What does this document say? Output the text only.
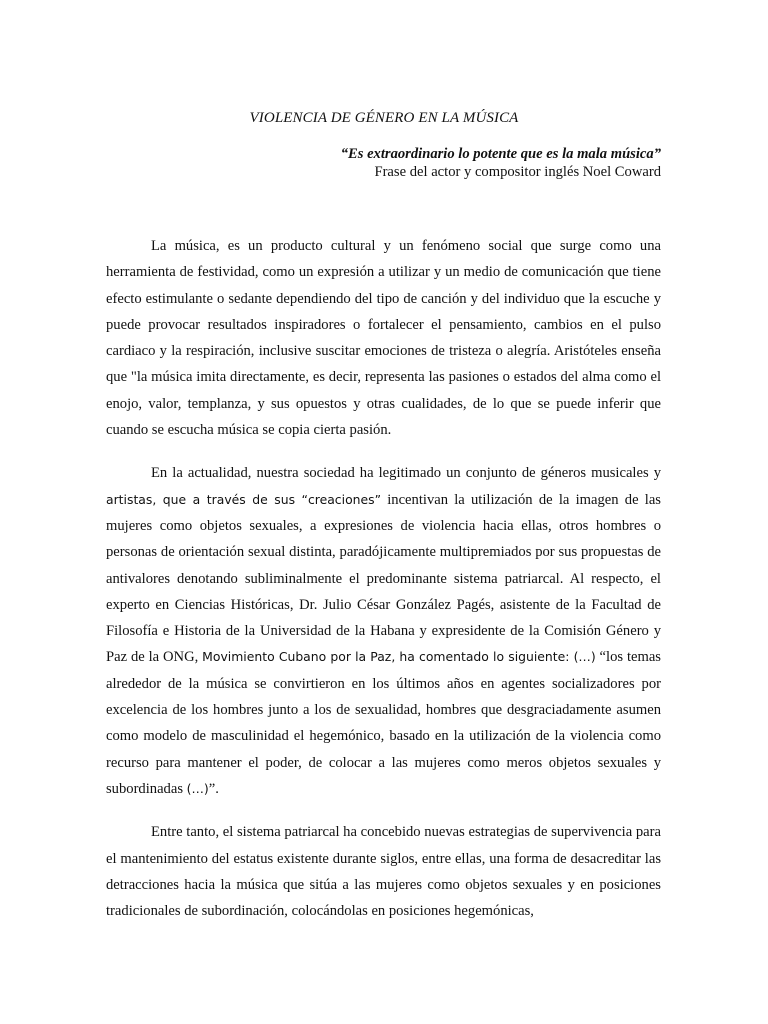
VIOLENCIA DE GÉNERO EN LA MÚSICA
“Es extraordinario lo potente que es la mala música”
Frase del actor y compositor inglés Noel Coward

La música, es un producto cultural y un fenómeno social que surge como una herramienta de festividad, como un expresión a utilizar y un medio de comunicación que tiene efecto estimulante o sedante dependiendo del tipo de canción y del individuo que la escuche y puede provocar resultados inspiradores o fortalecer el pensamiento, cambios en el pulso cardiaco y la respiración, inclusive suscitar emociones de tristeza o alegría. Aristóteles enseña que "la música imita directamente, es decir, representa las pasiones o estados del alma como el enojo, valor, templanza, y sus opuestos y otras cualidades, de lo que se puede inferir que cuando se escucha música se copia cierta pasión.

En la actualidad, nuestra sociedad ha legitimado un conjunto de géneros musicales y artistas, que a través de sus “creaciones” incentivan la utilización de la imagen de las mujeres como objetos sexuales, a expresiones de violencia hacia ellas, otros hombres o personas de orientación sexual distinta, paradójicamente multipremiados por sus propuestas de antivalores denotando subliminalmente el predominante sistema patriarcal. Al respecto, el experto en Ciencias Históricas, Dr. Julio César González Pagés, asistente de la Facultad de Filosofía e Historia de la Universidad de la Habana y expresidente de la Comisión Género y Paz de la ONG, Movimiento Cubano por la Paz, ha comentado lo siguiente: (…) “los temas alrededor de la música se convirtieron en los últimos años en agentes socializadores por excelencia de los hombres junto a los de sexualidad, hombres que desgraciadamente asumen como modelo de masculinidad el hegemónico, basado en la utilización de la violencia como recurso para mantener el poder, de colocar a las mujeres como meros objetos sexuales y subordinadas (…)”.

Entre tanto, el sistema patriarcal ha concebido nuevas estrategias de supervivencia para el mantenimiento del estatus existente durante siglos, entre ellas, una forma de desacreditar las detracciones hacia la música que sitúa a las mujeres como objetos sexuales y en posiciones tradicionales de subordinación, colocándolas en posiciones hegemónicas,
